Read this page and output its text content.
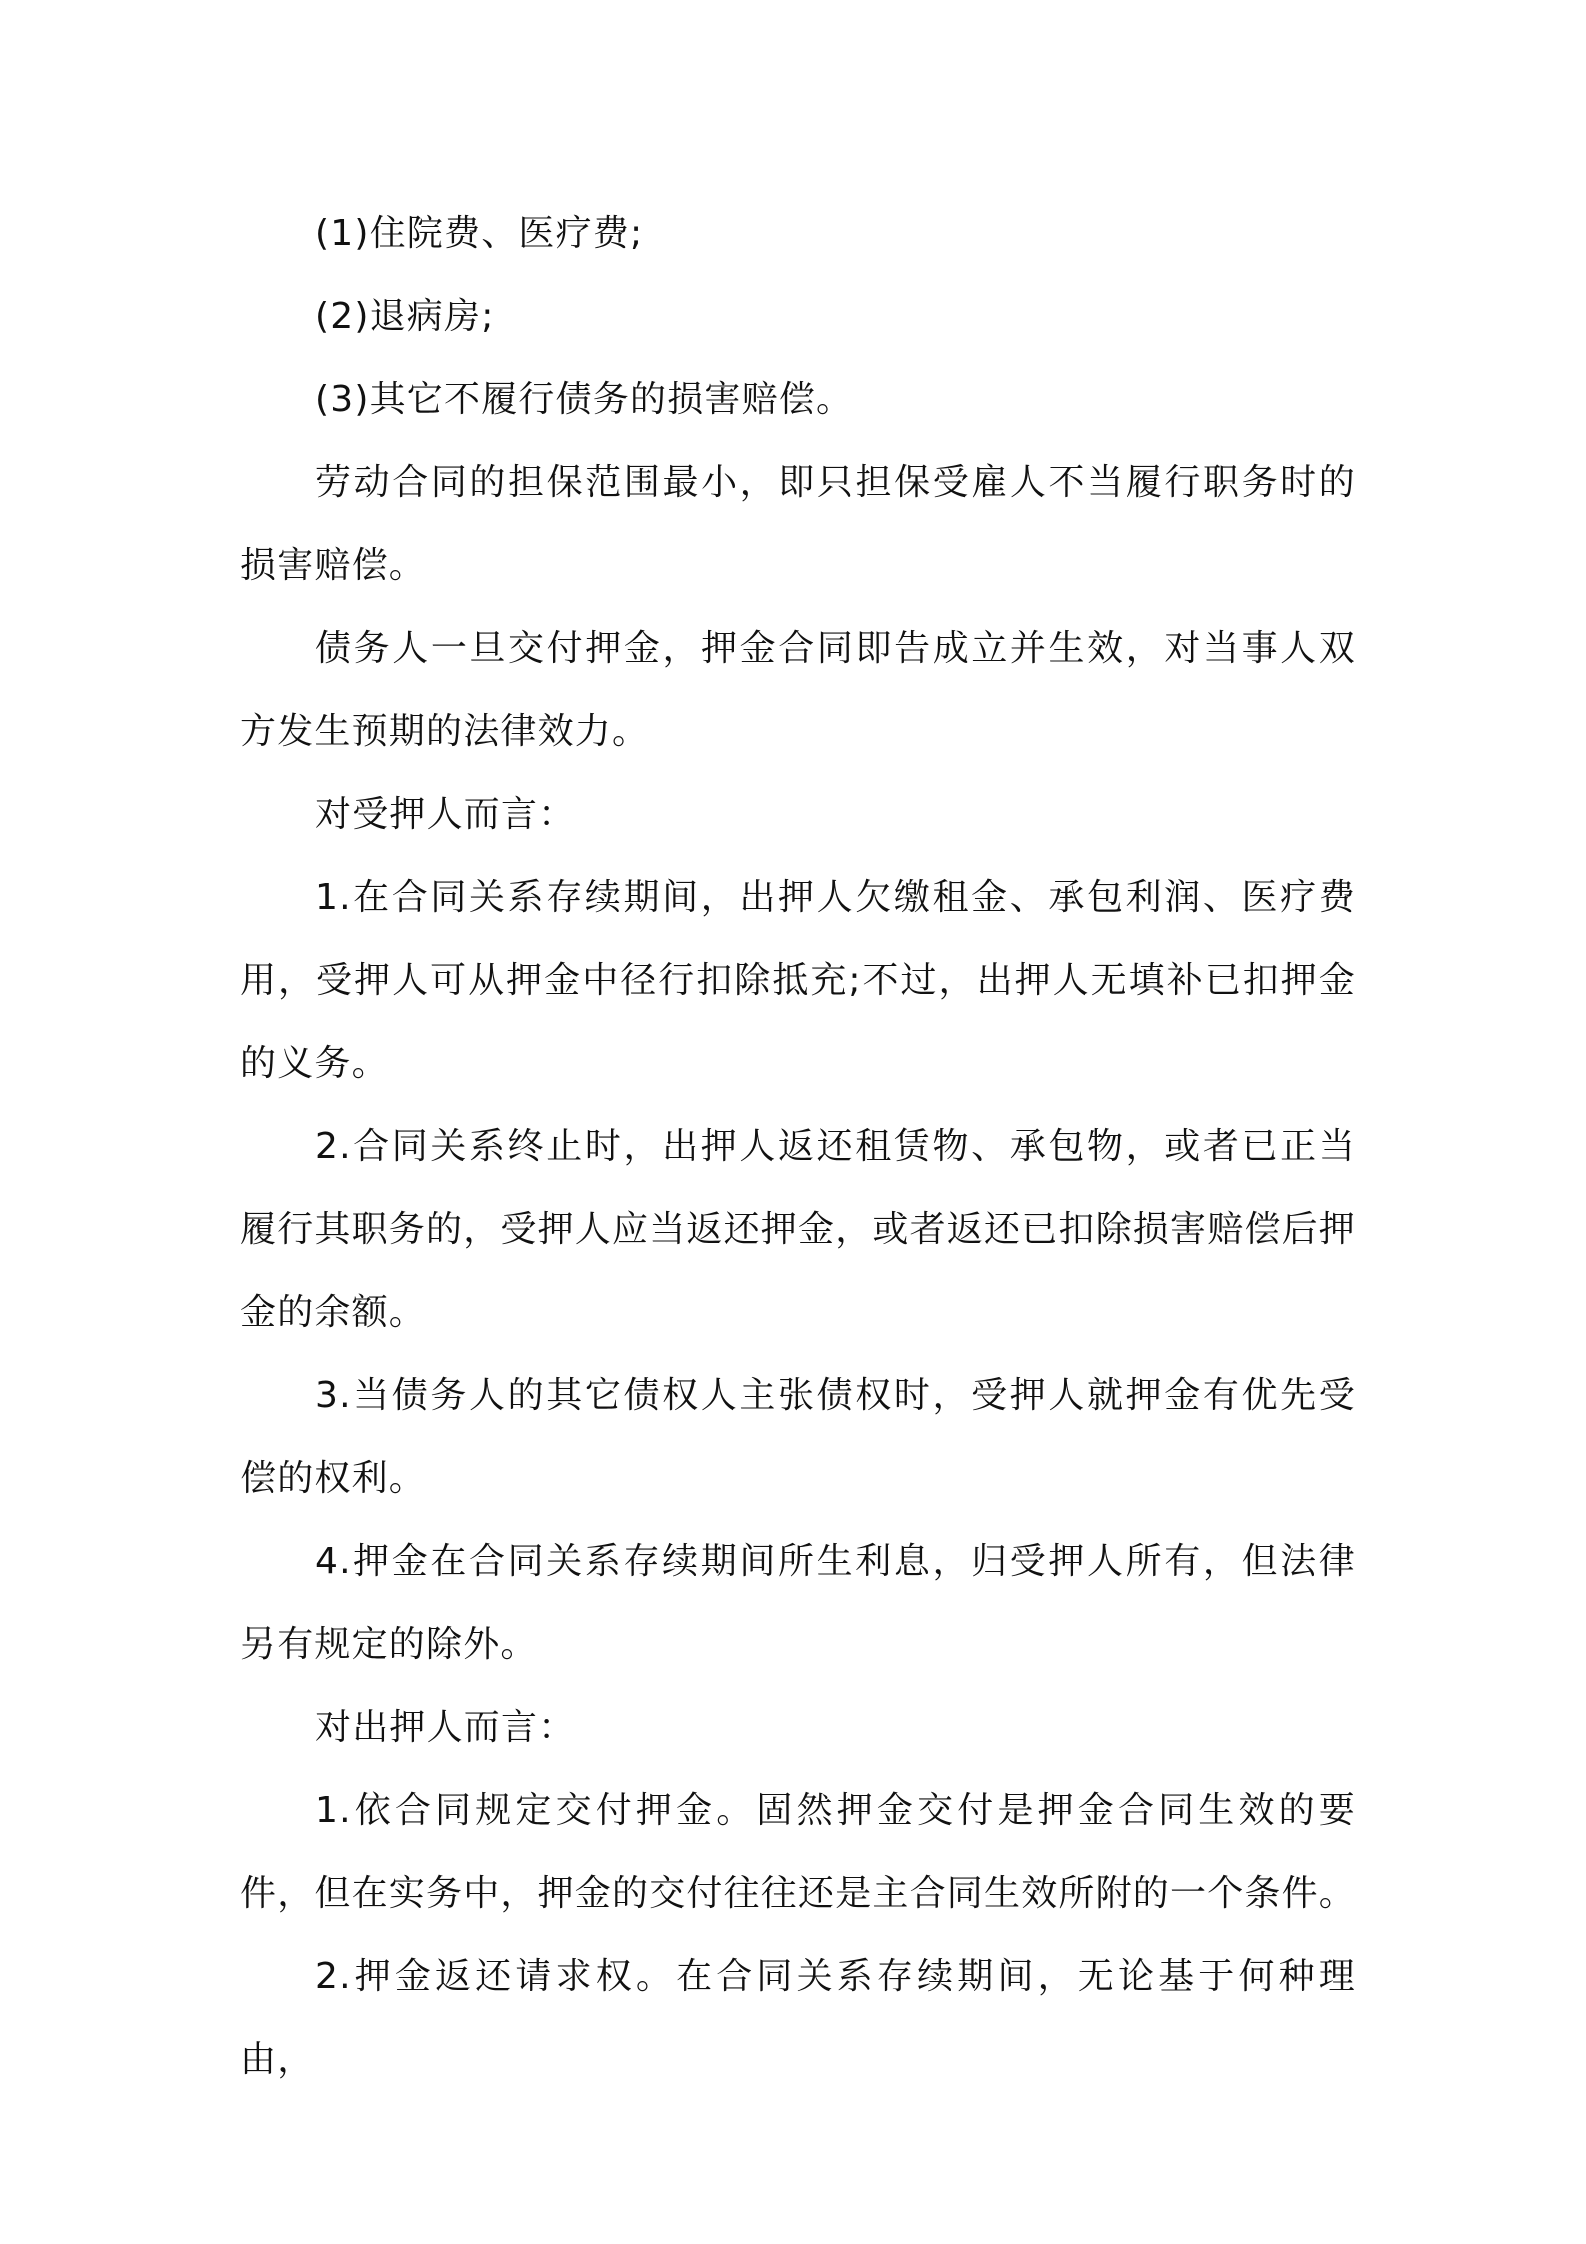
(1)住院费、医疗费;

(2)退病房;

(3)其它不履行债务的损害赔偿。

劳动合同的担保范围最小，即只担保受雇人不当履行职务时的损害赔偿。

债务人一旦交付押金，押金合同即告成立并生效，对当事人双方发生预期的法律效力。

对受押人而言：

1.在合同关系存续期间，出押人欠缴租金、承包利润、医疗费用，受押人可从押金中径行扣除抵充;不过，出押人无填补已扣押金的义务。

2.合同关系终止时，出押人返还租赁物、承包物，或者已正当履行其职务的，受押人应当返还押金，或者返还已扣除损害赔偿后押金的余额。

3.当债务人的其它债权人主张债权时，受押人就押金有优先受偿的权利。

4.押金在合同关系存续期间所生利息，归受押人所有，但法律另有规定的除外。

对出押人而言：

1.依合同规定交付押金。固然押金交付是押金合同生效的要件，但在实务中，押金的交付往往还是主合同生效所附的一个条件。

2.押金返还请求权。在合同关系存续期间，无论基于何种理由，
